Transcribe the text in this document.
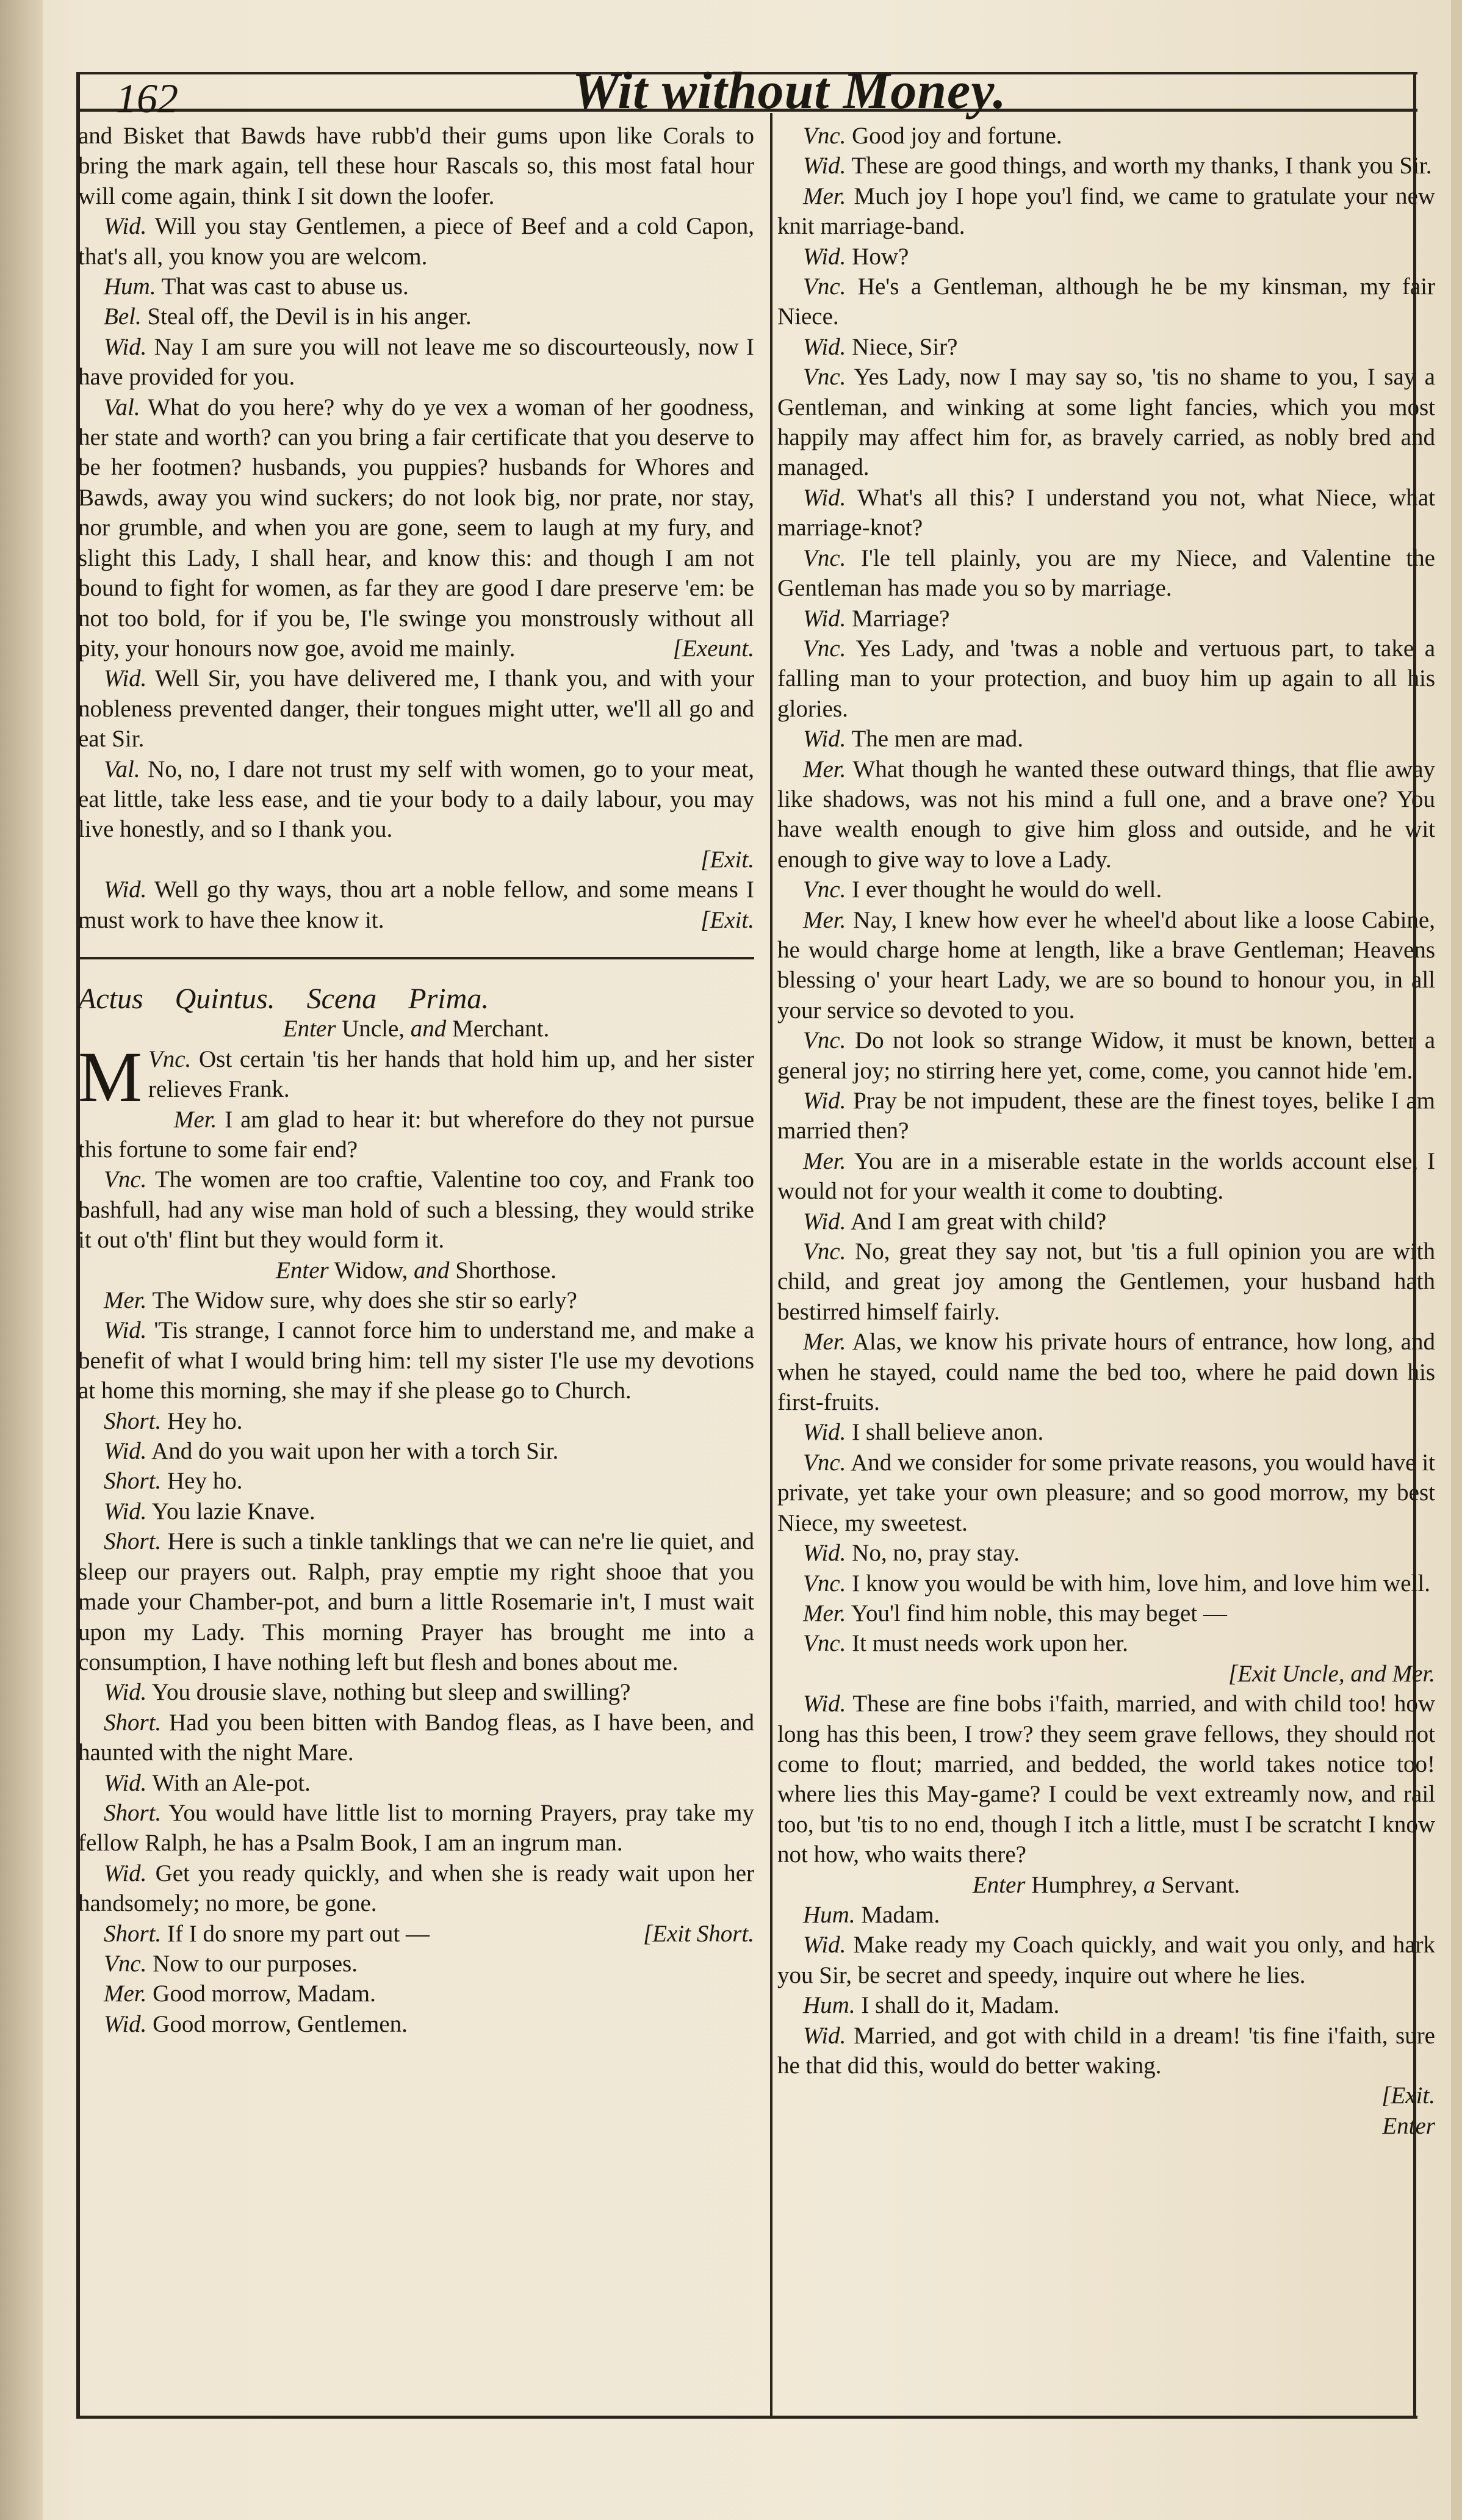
162	Wit without Money.

and Bisket that Bawds have rubb'd their gums upon like Corals to bring the mark again, tell these hour Rascals so, this most fatal hour will come again, think I sit down the loofer.

Wid. Will you stay Gentlemen, a piece of Beef and a cold Capon, that's all, you know you are welcom.

Hum. That was cast to abuse us.

Bel. Steal off, the Devil is in his anger.

Wid. Nay I am sure you will not leave me so discourteously, now I have provided for you.

Val. What do you here? why do ye vex a woman of her goodness, her state and worth? can you bring a fair certificate that you deserve to be her footmen? husbands, you puppies? husbands for Whores and Bawds, away you wind suckers; do not look big, nor prate, nor stay, nor grumble, and when you are gone, seem to laugh at my fury, and slight this Lady, I shall hear, and know this: and though I am not bound to fight for women, as far they are good I dare preserve 'em: be not too bold, for if you be, I'le swinge you monstrously without all pity, your honours now goe, avoid me mainly.	[Exeunt.

Wid. Well Sir, you have delivered me, I thank you, and with your nobleness prevented danger, their tongues might utter, we'll all go and eat Sir.

Val. No, no, I dare not trust my self with women, go to your meat, eat little, take less ease, and tie your body to a daily labour, you may live honestly, and so I thank you.

[Exit.

Wid. Well go thy ways, thou art a noble fellow, and some means I must work to have thee know it.	[Exit.

Actus Quintus. Scena Prima.

Enter Uncle, and Merchant.

Vnc.
M Ost certain 'tis her hands that hold him up, and her sister relieves Frank.

Mer. I am glad to hear it: but wherefore do they not pursue this fortune to some fair end?

Vnc. The women are too craftie, Valentine too coy, and Frank too bashfull, had any wise man hold of such a blessing, they would strike it out o'th' flint but they would form it.

Enter Widow, and Shorthose.

Mer. The Widow sure, why does she stir so early?

Wid. 'Tis strange, I cannot force him to understand me, and make a benefit of what I would bring him: tell my sister I'le use my devotions at home this morning, she may if she please go to Church.

Short. Hey ho.

Wid. And do you wait upon her with a torch Sir.

Short. Hey ho.

Wid. You lazie Knave.

Short. Here is such a tinkle tanklings that we can ne're lie quiet, and sleep our prayers out. Ralph, pray emptie my right shooe that you made your Chamber-pot, and burn a little Rosemarie in't, I must wait upon my Lady. This morning Prayer has brought me into a consumption, I have nothing left but flesh and bones about me.

Wid. You drousie slave, nothing but sleep and swilling?

Short. Had you been bitten with Bandog fleas, as I have been, and haunted with the night Mare.

Wid. With an Ale-pot.

Short. You would have little list to morning Prayers, pray take my fellow Ralph, he has a Psalm Book, I am an ingrum man.

Wid. Get you ready quickly, and when she is ready wait upon her handsomely; no more, be gone.

Short. If I do snore my part out —	[Exit Short.

Vnc. Now to our purposes.

Mer. Good morrow, Madam.

Wid. Good morrow, Gentlemen.

Vnc. Good joy and fortune.

Wid. These are good things, and worth my thanks, I thank you Sir.

Mer. Much joy I hope you'l find, we came to gratulate your new knit marriage-band.

Wid. How?

Vnc. He's a Gentleman, although he be my kinsman, my fair Niece.

Wid. Niece, Sir?

Vnc. Yes Lady, now I may say so, 'tis no shame to you, I say a Gentleman, and winking at some light fancies, which you most happily may affect him for, as bravely carried, as nobly bred and managed.

Wid. What's all this? I understand you not, what Niece, what marriage-knot?

Vnc. I'le tell plainly, you are my Niece, and Valentine the Gentleman has made you so by marriage.

Wid. Marriage?

Vnc. Yes Lady, and 'twas a noble and vertuous part, to take a falling man to your protection, and buoy him up again to all his glories.

Wid. The men are mad.

Mer. What though he wanted these outward things, that flie away like shadows, was not his mind a full one, and a brave one? You have wealth enough to give him gloss and outside, and he wit enough to give way to love a Lady.

Vnc. I ever thought he would do well.

Mer. Nay, I knew how ever he wheel'd about like a loose Cabine, he would charge home at length, like a brave Gentleman; Heavens blessing o' your heart Lady, we are so bound to honour you, in all your service so devoted to you.

Vnc. Do not look so strange Widow, it must be known, better a general joy; no stirring here yet, come, come, you cannot hide 'em.

Wid. Pray be not impudent, these are the finest toyes, belike I am married then?

Mer. You are in a miserable estate in the worlds account else, I would not for your wealth it come to doubting.

Wid. And I am great with child?

Vnc. No, great they say not, but 'tis a full opinion you are with child, and great joy among the Gentlemen, your husband hath bestirred himself fairly.

Mer. Alas, we know his private hours of entrance, how long, and when he stayed, could name the bed too, where he paid down his first-fruits.

Wid. I shall believe anon.

Vnc. And we consider for some private reasons, you would have it private, yet take your own pleasure; and so good morrow, my best Niece, my sweetest.

Wid. No, no, pray stay.

Vnc. I know you would be with him, love him, and love him well.

Mer. You'l find him noble, this may beget —

Vnc. It must needs work upon her.

[Exit Uncle, and Mer.

Wid. These are fine bobs i'faith, married, and with child too! how long has this been, I trow? they seem grave fellows, they should not come to flout; married, and bedded, the world takes notice too! where lies this May-game? I could be vext extreamly now, and rail too, but 'tis to no end, though I itch a little, must I be scratcht I know not how, who waits there?

Enter Humphrey, a Servant.

Hum. Madam.

Wid. Make ready my Coach quickly, and wait you only, and hark you Sir, be secret and speedy, inquire out where he lies.

Hum. I shall do it, Madam.

Wid. Married, and got with child in a dream! 'tis fine i'faith, sure he that did this, would do better waking.

[Exit.

Enter
